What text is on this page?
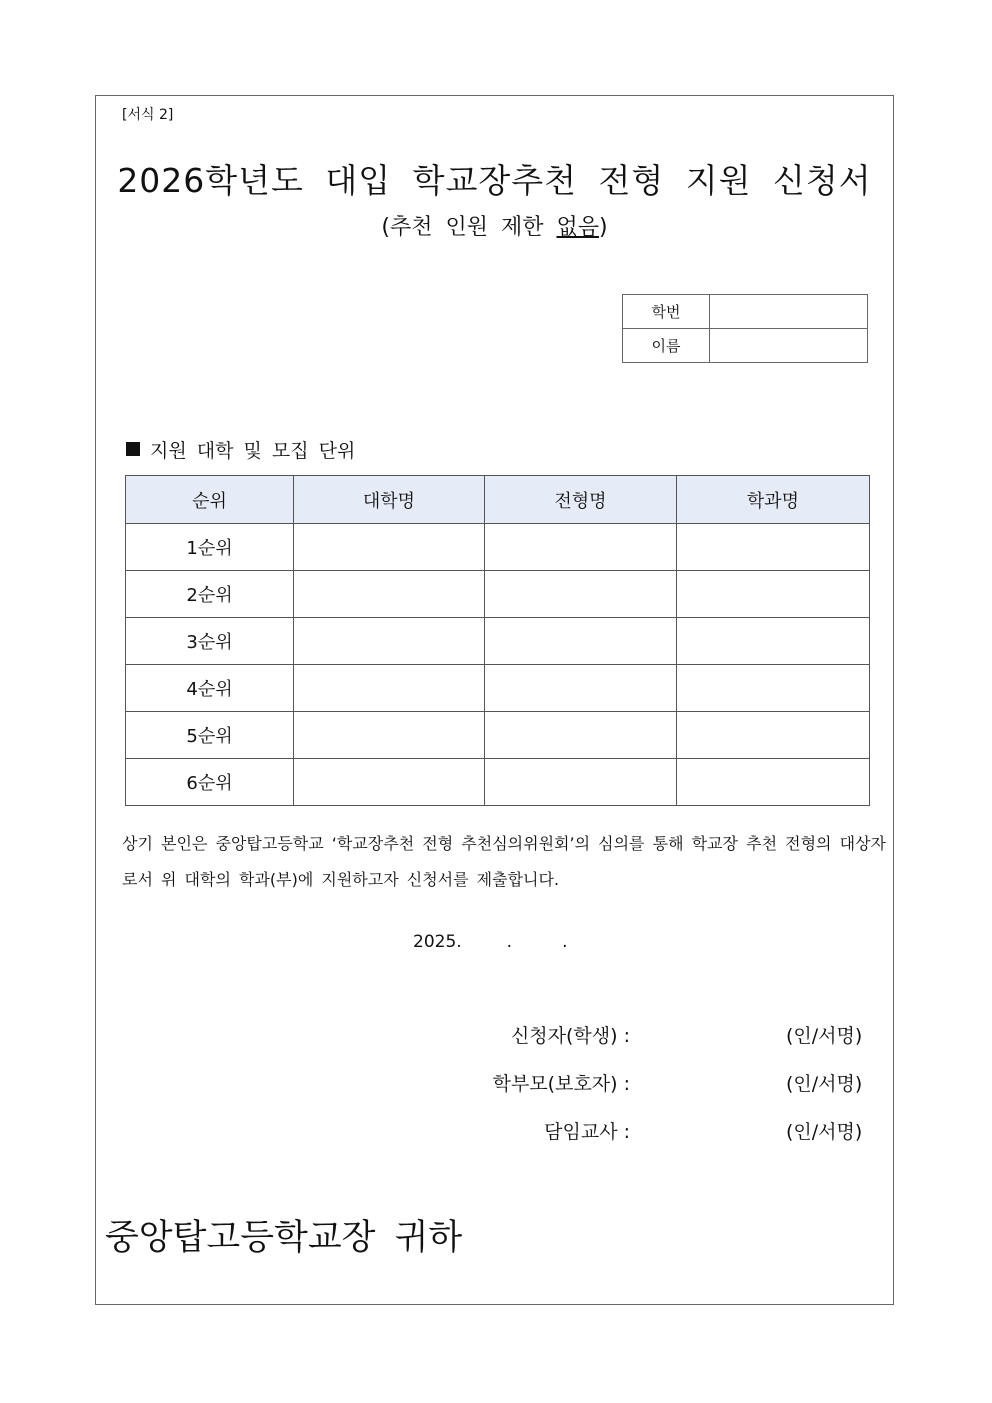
[서식 2]
2026학년도 대입 학교장추천 전형 지원 신청서
(추천 인원 제한 없음)
학번	
이름	
지원 대학 및 모집 단위
순위	대학명	전형명	학과명
1순위			
2순위			
3순위			
4순위			
5순위			
6순위			
상기 본인은 중앙탑고등학교 ‘학교장추천 전형 추천심의위원회’의 심의를 통해 학교장 추천 전형의 대상자로서 위 대학의 학과(부)에 지원하고자 신청서를 제출합니다.
2025.	.	.
신청자(학생) :	(인/서명)
학부모(보호자) :	(인/서명)
담임교사 :	(인/서명)
중앙탑고등학교장 귀하
